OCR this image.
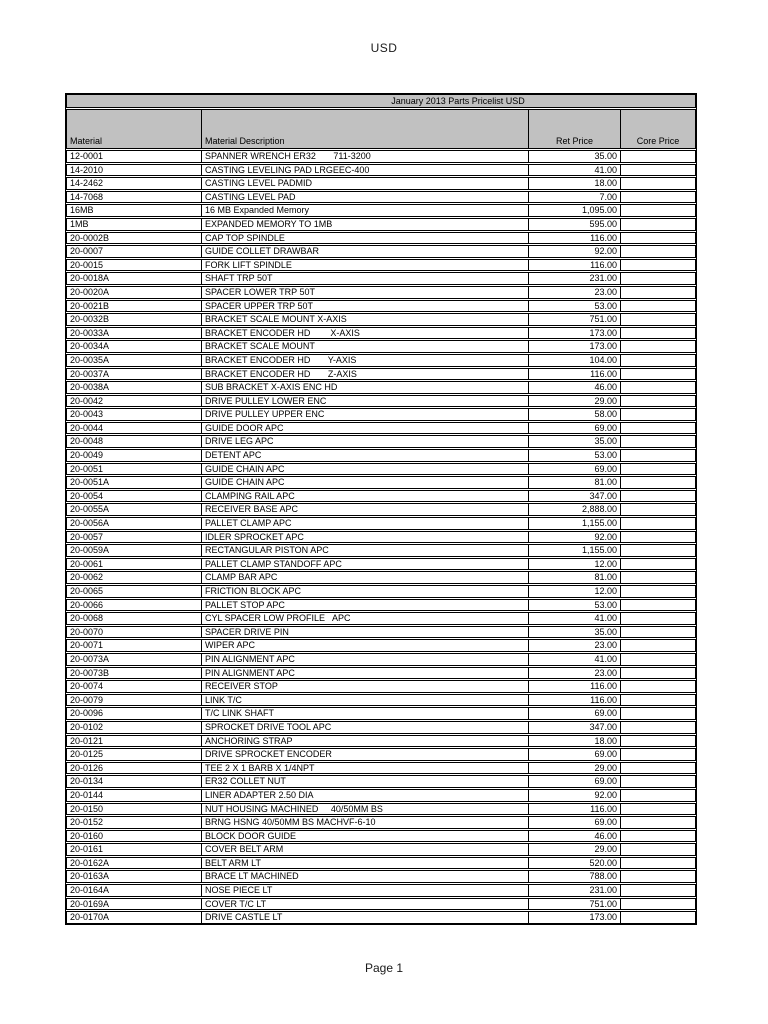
USD
January 2013 Parts Pricelist USD
Material	Material Description	Ret Price	Core Price
12-0001	SPANNER WRENCH ER32       711-3200	35.00
14-2010	CASTING LEVELING PAD LRGEEC-400	41.00
14-2462	CASTING LEVEL PADMID	18.00
14-7068	CASTING LEVEL PAD	7.00
16MB	16 MB Expanded Memory	1,095.00
1MB	EXPANDED MEMORY TO 1MB	595.00
20-0002B	CAP TOP SPINDLE	116.00
20-0007	GUIDE COLLET DRAWBAR	92.00
20-0015	FORK LIFT SPINDLE	116.00
20-0018A	SHAFT TRP 50T	231.00
20-0020A	SPACER LOWER TRP 50T	23.00
20-0021B	SPACER UPPER TRP 50T	53.00
20-0032B	BRACKET SCALE MOUNT X-AXIS	751.00
20-0033A	BRACKET ENCODER HD        X-AXIS	173.00
20-0034A	BRACKET SCALE MOUNT	173.00
20-0035A	BRACKET ENCODER HD       Y-AXIS	104.00
20-0037A	BRACKET ENCODER HD       Z-AXIS	116.00
20-0038A	SUB BRACKET X-AXIS ENC HD	46.00
20-0042	DRIVE PULLEY LOWER ENC	29.00
20-0043	DRIVE PULLEY UPPER ENC	58.00
20-0044	GUIDE DOOR APC	69.00
20-0048	DRIVE LEG APC	35.00
20-0049	DETENT APC	53.00
20-0051	GUIDE CHAIN APC	69.00
20-0051A	GUIDE CHAIN APC	81.00
20-0054	CLAMPING RAIL APC	347.00
20-0055A	RECEIVER BASE APC	2,888.00
20-0056A	PALLET CLAMP APC	1,155.00
20-0057	IDLER SPROCKET APC	92.00
20-0059A	RECTANGULAR PISTON APC	1,155.00
20-0061	PALLET CLAMP STANDOFF APC	12.00
20-0062	CLAMP BAR APC	81.00
20-0065	FRICTION BLOCK APC	12.00
20-0066	PALLET STOP APC	53.00
20-0068	CYL SPACER LOW PROFILE   APC	41.00
20-0070	SPACER DRIVE PIN	35.00
20-0071	WIPER APC	23.00
20-0073A	PIN ALIGNMENT APC	41.00
20-0073B	PIN ALIGNMENT APC	23.00
20-0074	RECEIVER STOP	116.00
20-0079	LINK T/C	116.00
20-0096	T/C LINK SHAFT	69.00
20-0102	SPROCKET DRIVE TOOL APC	347.00
20-0121	ANCHORING STRAP	18.00
20-0125	DRIVE SPROCKET ENCODER	69.00
20-0126	TEE 2 X 1 BARB X 1/4NPT	29.00
20-0134	ER32 COLLET NUT	69.00
20-0144	LINER ADAPTER 2.50 DIA	92.00
20-0150	NUT HOUSING MACHINED     40/50MM BS	116.00
20-0152	BRNG HSNG 40/50MM BS MACHVF-6-10	69.00
20-0160	BLOCK DOOR GUIDE	46.00
20-0161	COVER BELT ARM	29.00
20-0162A	BELT ARM LT	520.00
20-0163A	BRACE LT MACHINED	788.00
20-0164A	NOSE PIECE LT	231.00
20-0169A	COVER T/C LT	751.00
20-0170A	DRIVE CASTLE LT	173.00
Page 1
